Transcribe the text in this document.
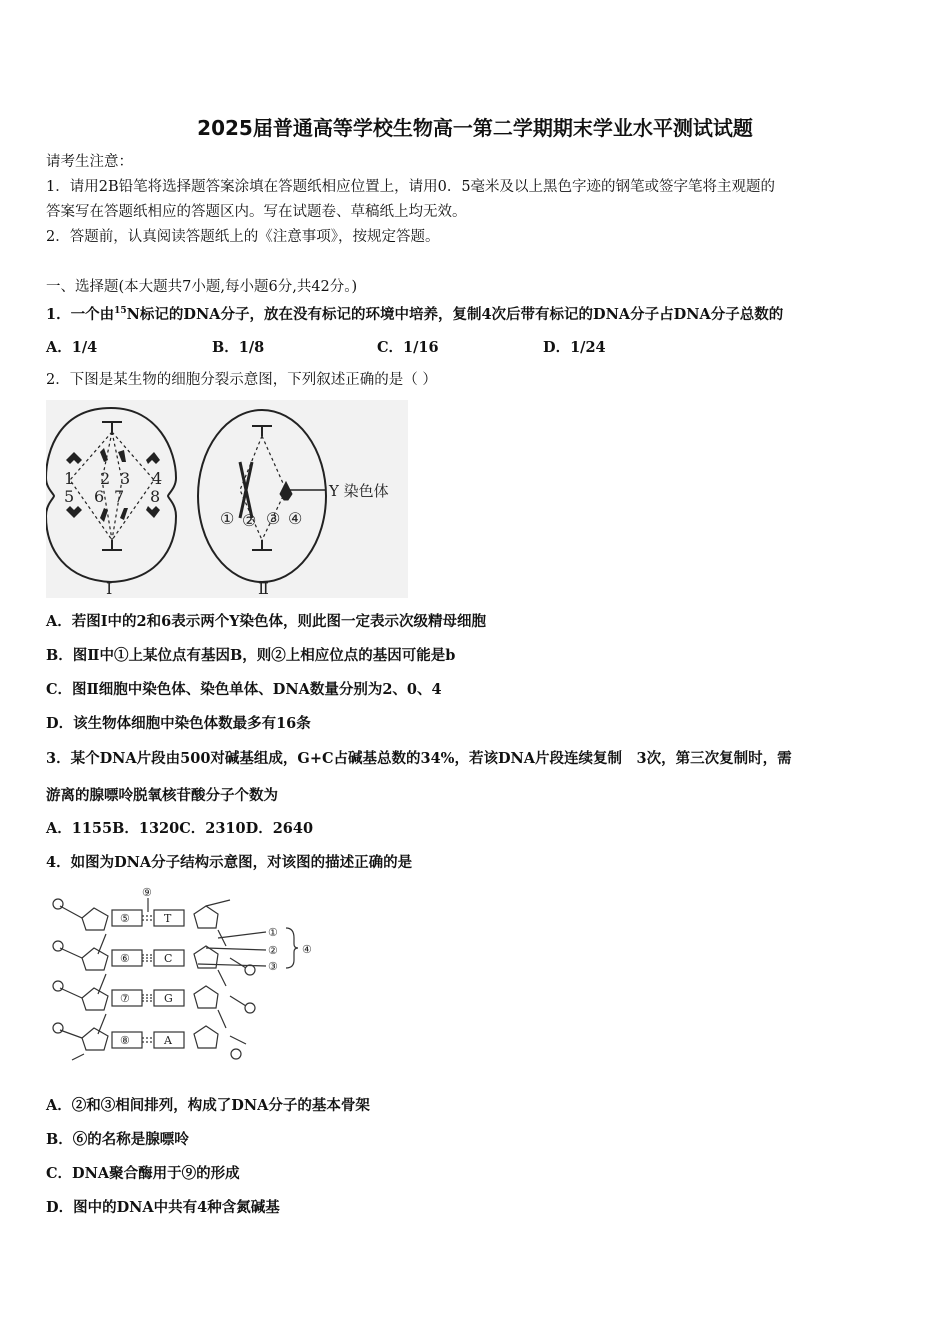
2025届普通高等学校生物高一第二学期期末学业水平测试试题
请考生注意：
1．请用2B铅笔将选择题答案涂填在答题纸相应位置上，请用0．5毫米及以上黑色字迹的钢笔或签字笔将主观题的
答案写在答题纸相应的答题区内。写在试题卷、草稿纸上均无效。
2．答题前，认真阅读答题纸上的《注意事项》，按规定答题。
一、选择题(本大题共7小题,每小题6分,共42分。)
1．一个由$^{15}$N标记的DNA分子，放在没有标记的环境中培养，复制4次后带有标记的DNA分子占DNA分子总数的
A．1/4	B．1/8	C．1/16	D．1/24
2．下图是某生物的细胞分裂示意图，下列叙述正确的是（ ）
1 2 3 4
5 6 7 8
Ⅰ
Y 染色体
① ② ③ ④
Ⅱ
A．若图Ⅰ中的2和6表示两个Y染色体，则此图一定表示次级精母细胞
B．图Ⅱ中①上某位点有基因B，则②上相应位点的基因可能是b
C．图Ⅱ细胞中染色体、染色单体、DNA数量分别为2、0、4
D．该生物体细胞中染色体数最多有16条
3．某个DNA片段由500对碱基组成，G+C占碱基总数的34%，若该DNA片段连续复制　3次，第三次复制时，需
游离的腺嘌呤脱氧核苷酸分子个数为
A．1155B．1320C．2310D．2640
4．如图为DNA分子结构示意图，对该图的描述正确的是
⑤
⑥
⑦
⑧
T
C
G
A
⑨
①
②
③
④
A．②和③相间排列，构成了DNA分子的基本骨架
B．⑥的名称是腺嘌呤
C．DNA聚合酶用于⑨的形成
D．图中的DNA中共有4种含氮碱基
